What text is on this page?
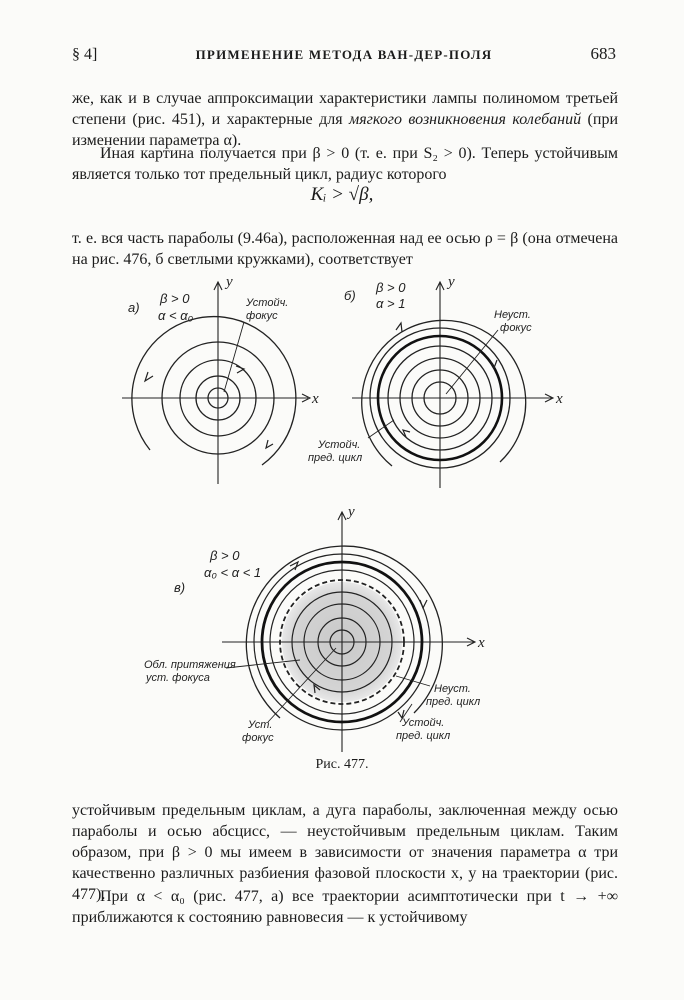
§ 4]	ПРИМЕНЕНИЕ МЕТОДА ВАН-ДЕР-ПОЛЯ	683
же, как и в случае аппроксимации характеристики лампы полиномом третьей степени (рис. 451), и характерные для мягкого возникновения колебаний (при изменении параметра α).
Иная картина получается при β > 0 (т. е. при S₂ > 0). Теперь устойчивым является только тот предельный цикл, радиус которого
Kᵢ > √β,
т. е. вся часть параболы (9.46а), расположенная над ее осью ρ = β (она отмечена на рис. 476, б светлыми кружками), соответствует
x
y
а)
β > 0
α < α₀
Устойч.
фокус
x
y
б)
β > 0
α > 1
Неуст.
фокус
Устойч.
пред. цикл
x
y
в)
β > 0
α₀ < α < 1
Обл. притяжения
уст. фокуса
Неуст.
пред. цикл
Уст.
фокус
Устойч.
пред. цикл
Рис. 477.
устойчивым предельным циклам, а дуга параболы, заключенная между осью параболы и осью абсцисс, — неустойчивым предельным циклам. Таким образом, при β > 0 мы имеем в зависимости от значения параметра α три качественно различных разбиения фазовой плоскости x, y на траектории (рис. 477).
При α < α₀ (рис. 477, а) все траектории асимптотически при t → +∞ приближаются к состоянию равновесия — к устойчивому
